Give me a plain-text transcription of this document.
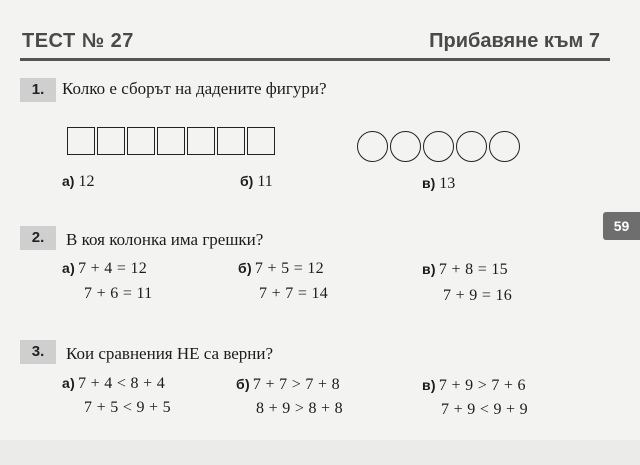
ТЕСТ № 27	Прибавяне към 7
59
1.	Колко е сборът на дадените фигури?
а) 12	б) 11	в) 13
2.	В коя колонка има грешки?
а) 7 + 4 = 12
7 + 6 = 11
б) 7 + 5 = 12
7 + 7 = 14
в) 7 + 8 = 15
7 + 9 = 16
3.	Кои сравнения НЕ са верни?
а) 7 + 4 < 8 + 4
7 + 5 < 9 + 5
б) 7 + 7 > 7 + 8
8 + 9 > 8 + 8
в) 7 + 9 > 7 + 6
7 + 9 < 9 + 9
